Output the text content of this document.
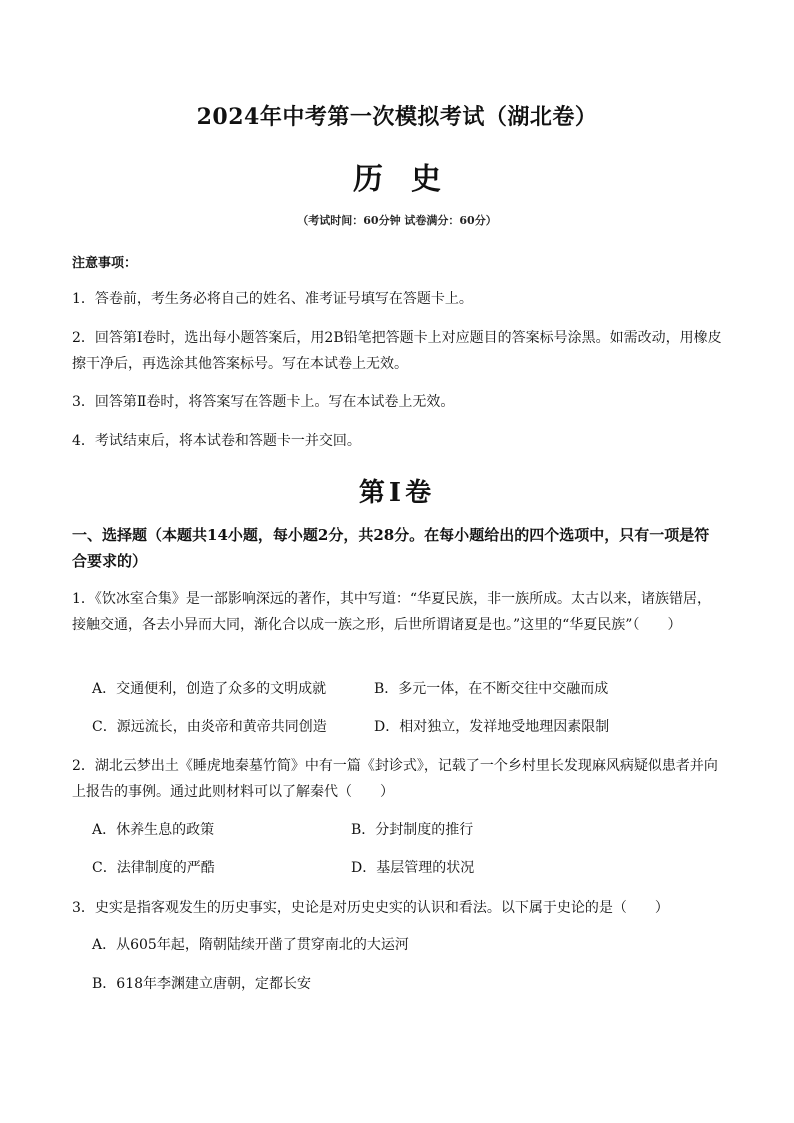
2024年中考第一次模拟考试（湖北卷）
历史
（考试时间：60分钟 试卷满分：60分）
注意事项：
1．答卷前，考生务必将自己的姓名、准考证号填写在答题卡上。
2．回答第Ⅰ卷时，选出每小题答案后，用2B铅笔把答题卡上对应题目的答案标号涂黑。如需改动，用橡皮擦干净后，再选涂其他答案标号。写在本试卷上无效。
3．回答第Ⅱ卷时，将答案写在答题卡上。写在本试卷上无效。
4．考试结束后，将本试卷和答题卡一并交回。
第I卷
一、选择题（本题共14小题，每小题2分，共28分。在每小题给出的四个选项中，只有一项是符合要求的）
1．《饮冰室合集》是一部影响深远的著作，其中写道：“华夏民族，非一族所成。太古以来，诸族错居，接触交通，各去小异而大同，渐化合以成一族之形，后世所谓诸夏是也。”这里的“华夏民族”（　　）
A．交通便利，创造了众多的文明成就	B．多元一体，在不断交往中交融而成
C．源远流长，由炎帝和黄帝共同创造	D．相对独立，发祥地受地理因素限制
2．湖北云梦出土《睡虎地秦墓竹简》中有一篇《封诊式》，记载了一个乡村里长发现麻风病疑似患者并向上报告的事例。通过此则材料可以了解秦代（　　）
A．休养生息的政策	B．分封制度的推行
C．法律制度的严酷	D．基层管理的状况
3．史实是指客观发生的历史事实，史论是对历史史实的认识和看法。以下属于史论的是（　　）
A．从605年起，隋朝陆续开凿了贯穿南北的大运河
B．618年李渊建立唐朝，定都长安
